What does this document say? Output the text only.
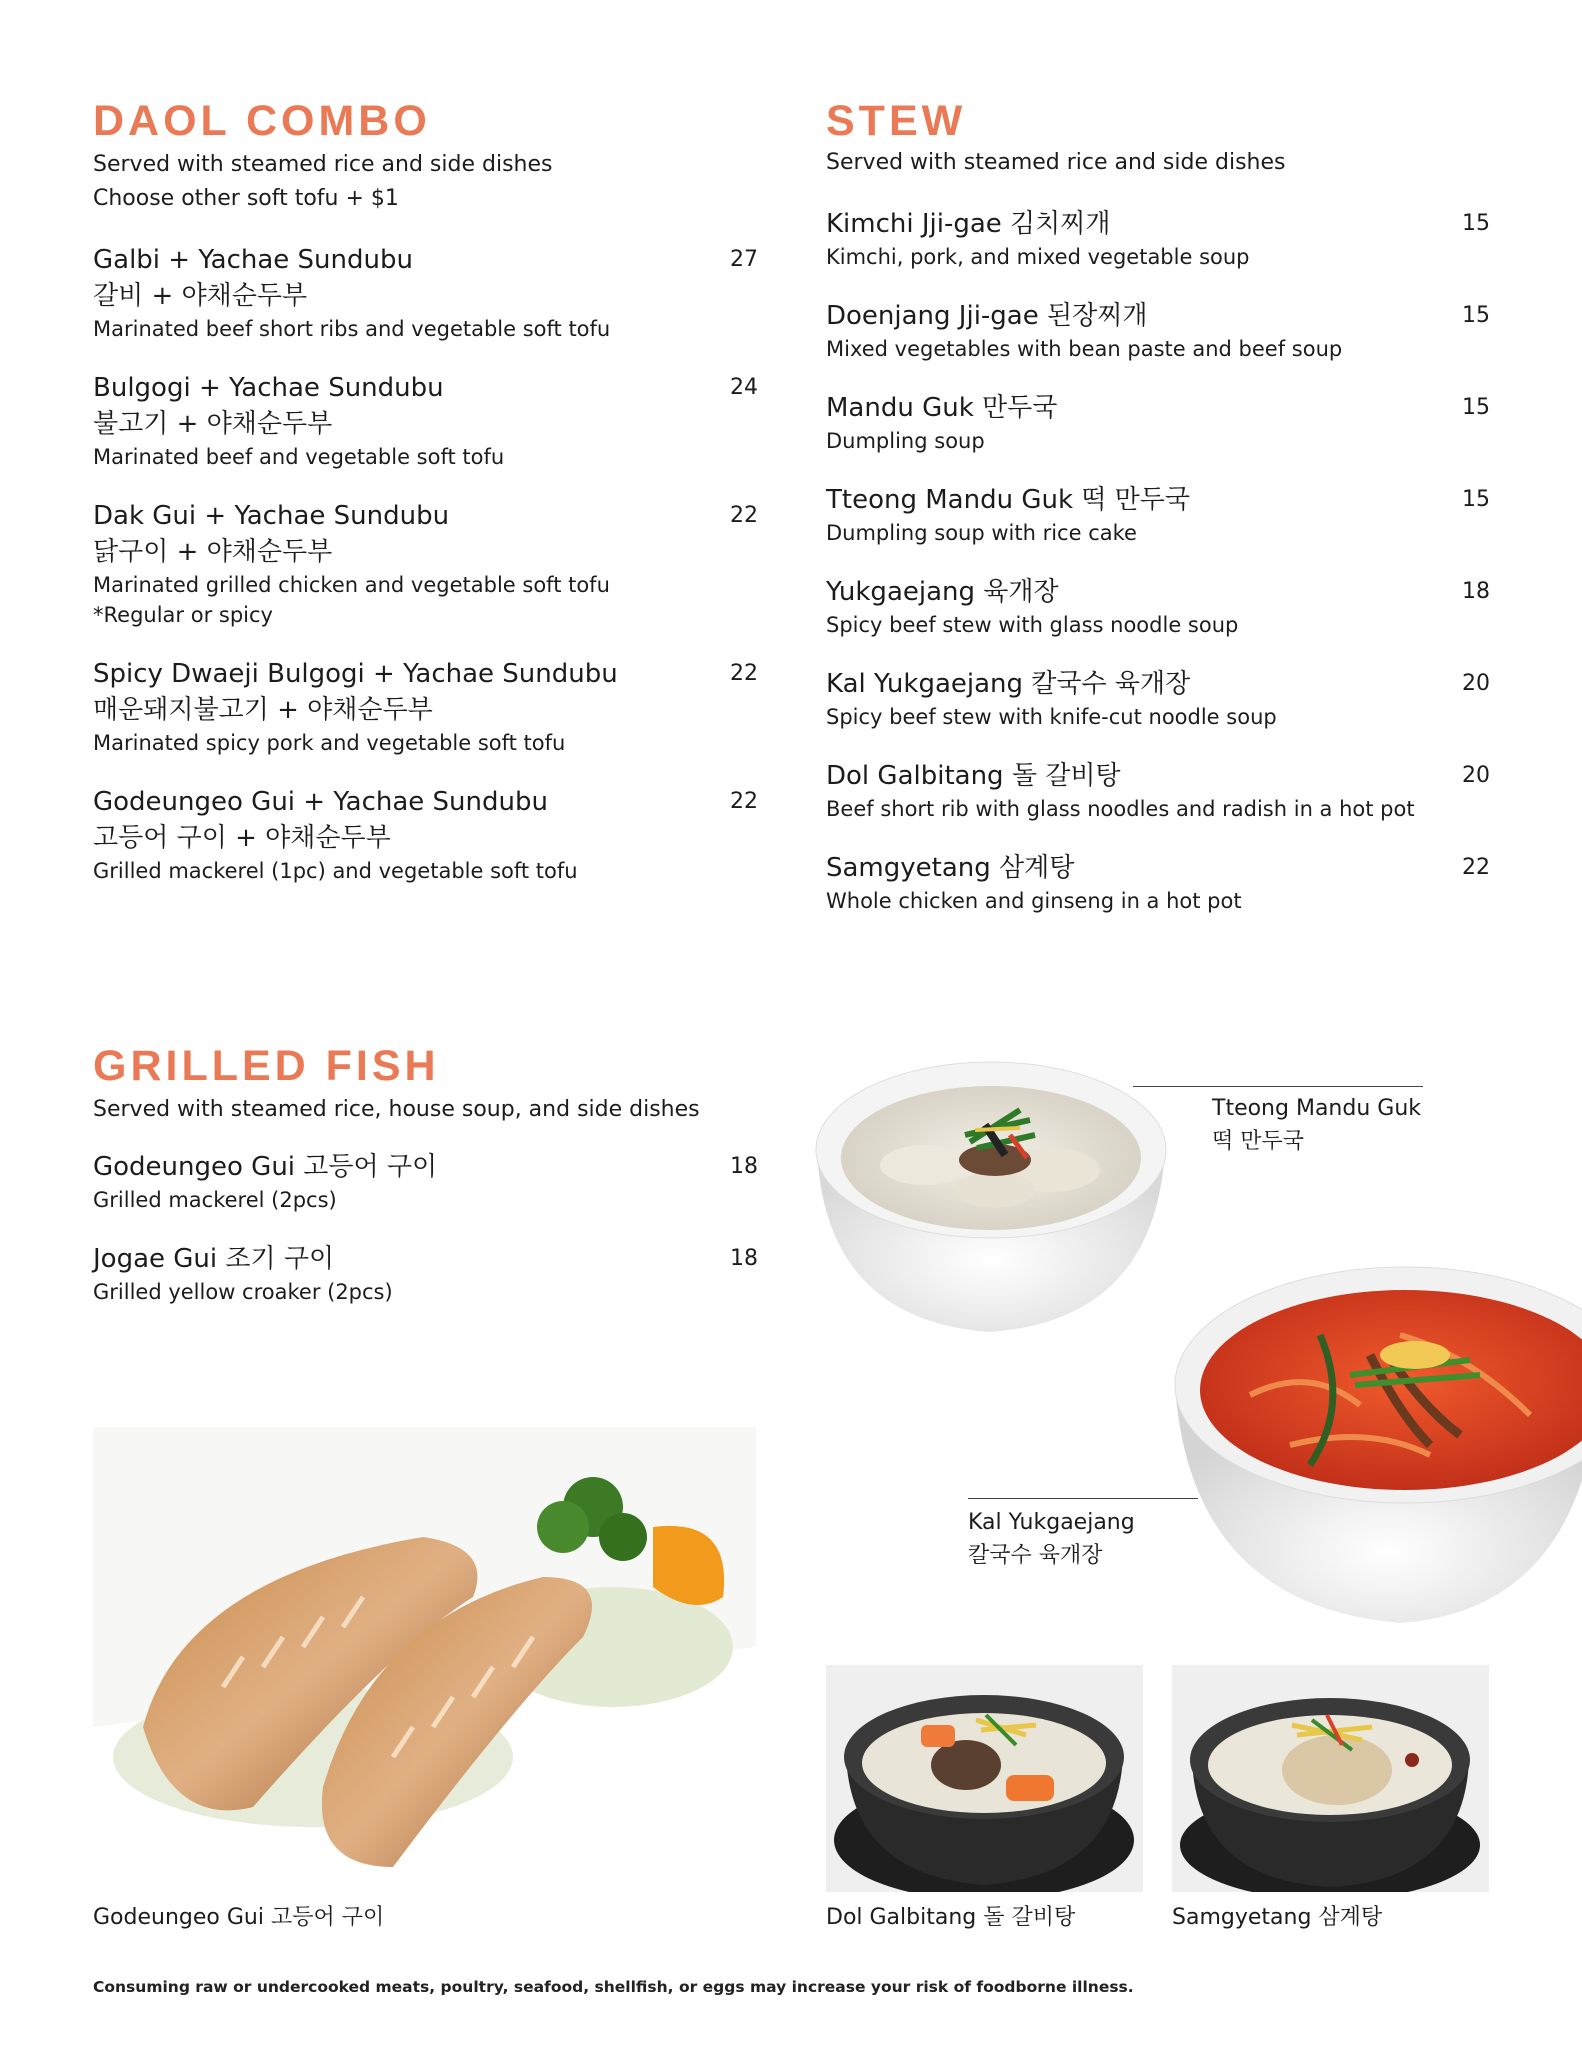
DAOL COMBO

Served with steamed rice and side dishes

Choose other soft tofu + $1

Galbi + Yachae Sundubu
갈비 + 야채순두부
Marinated beef short ribs and vegetable soft tofu
27
Bulgogi + Yachae Sundubu
불고기 + 야채순두부
Marinated beef and vegetable soft tofu
24
Dak Gui + Yachae Sundubu
닭구이 + 야채순두부
Marinated grilled chicken and vegetable soft tofu
*Regular or spicy
22
Spicy Dwaeji Bulgogi + Yachae Sundubu
매운돼지불고기 + 야채순두부
Marinated spicy pork and vegetable soft tofu
22
Godeungeo Gui + Yachae Sundubu
고등어 구이 + 야채순두부
Grilled mackerel (1pc) and vegetable soft tofu
22
GRILLED FISH

Served with steamed rice, house soup, and side dishes

Godeungeo Gui 고등어 구이
Grilled mackerel (2pcs)
18
Jogae Gui 조기 구이
Grilled yellow croaker (2pcs)
18
STEW

Served with steamed rice and side dishes

Kimchi Jji-gae 김치찌개
Kimchi, pork, and mixed vegetable soup
15
Doenjang Jji-gae 된장찌개
Mixed vegetables with bean paste and beef soup
15
Mandu Guk 만두국
Dumpling soup
15
Tteong Mandu Guk 떡 만두국
Dumpling soup with rice cake
15
Yukgaejang 육개장
Spicy beef stew with glass noodle soup
18
Kal Yukgaejang 칼국수 육개장
Spicy beef stew with knife-cut noodle soup
20
Dol Galbitang 돌 갈비탕
Beef short rib with glass noodles and radish in a hot pot
20
Samgyetang 삼계탕
Whole chicken and ginseng in a hot pot
22
Tteong Mandu Guk
떡 만두국
Kal Yukgaejang
칼국수 육개장
Godeungeo Gui 고등어 구이	Dol Galbitang 돌 갈비탕	Samgyetang 삼계탕
Consuming raw or undercooked meats, poultry, seafood, shellfish, or eggs may increase your risk of foodborne illness.
